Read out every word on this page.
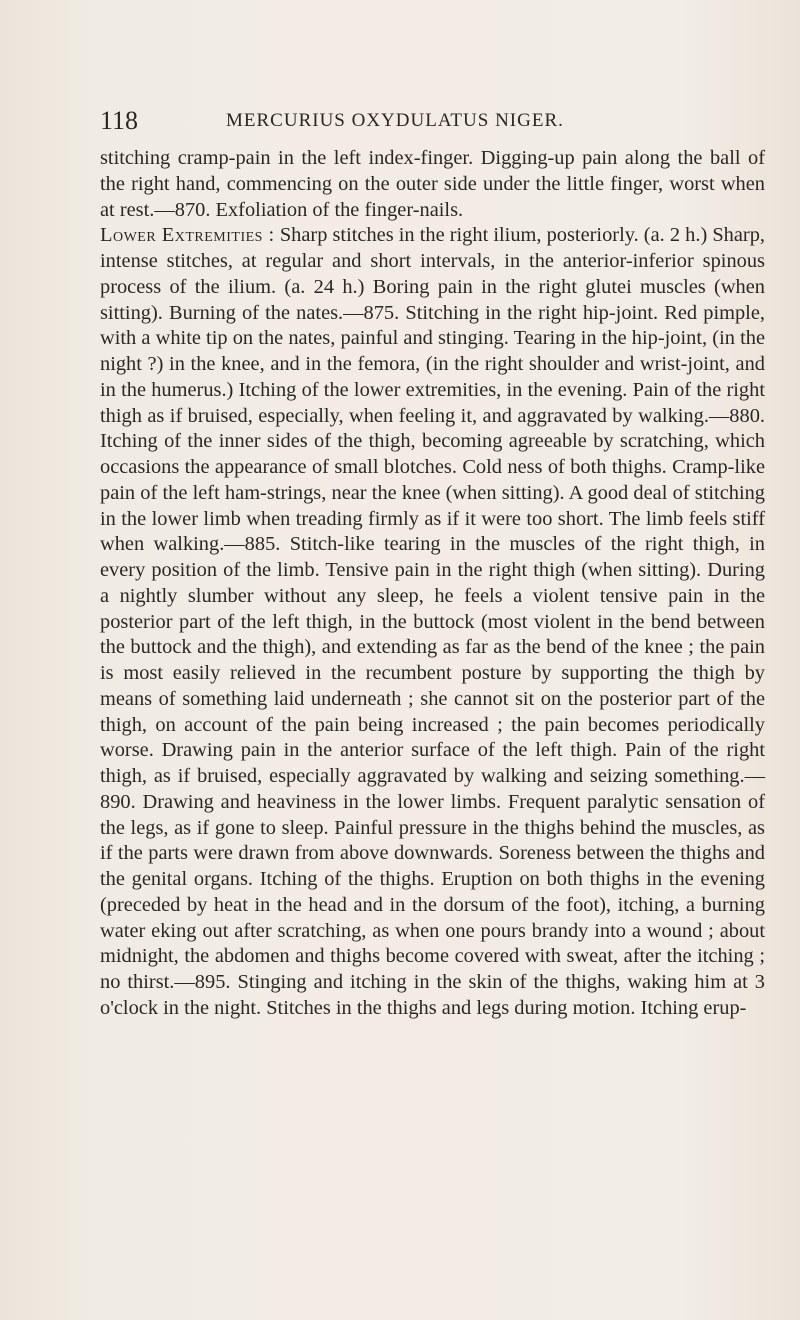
118	MERCURIUS OXYDULATUS NIGER.

stitching cramp-pain in the left index-finger. Digging-up pain along the ball of the right hand, commencing on the outer side under the little finger, worst when at rest.—870. Exfoliation of the finger-nails.

Lower Extremities : Sharp stitches in the right ilium, posteriorly. (a. 2 h.) Sharp, intense stitches, at regular and short intervals, in the anterior-inferior spinous process of the ilium. (a. 24 h.) Boring pain in the right glutei muscles (when sitting). Burning of the nates.—875. Stitching in the right hip-joint. Red pimple, with a white tip on the nates, painful and stinging. Tearing in the hip-joint, (in the night ?) in the knee, and in the femora, (in the right shoulder and wrist-joint, and in the humerus.) Itching of the lower extremities, in the evening. Pain of the right thigh as if bruised, especially, when feeling it, and aggravated by walking.—880. Itching of the inner sides of the thigh, becoming agreeable by scratching, which occasions the appearance of small blotches. Cold ness of both thighs. Cramp-like pain of the left ham-strings, near the knee (when sitting). A good deal of stitching in the lower limb when treading firmly as if it were too short. The limb feels stiff when walking.—885. Stitch-like tearing in the muscles of the right thigh, in every position of the limb. Tensive pain in the right thigh (when sitting). During a nightly slumber without any sleep, he feels a violent tensive pain in the posterior part of the left thigh, in the buttock (most violent in the bend between the buttock and the thigh), and extending as far as the bend of the knee ; the pain is most easily relieved in the recumbent posture by supporting the thigh by means of something laid underneath ; she cannot sit on the posterior part of the thigh, on account of the pain being increased ; the pain becomes periodically worse. Drawing pain in the anterior surface of the left thigh. Pain of the right thigh, as if bruised, especially aggravated by walking and seizing something.—890. Drawing and heaviness in the lower limbs. Frequent paralytic sensation of the legs, as if gone to sleep. Painful pressure in the thighs behind the muscles, as if the parts were drawn from above downwards. Soreness between the thighs and the genital organs. Itching of the thighs. Eruption on both thighs in the evening (preceded by heat in the head and in the dorsum of the foot), itching, a burning water eking out after scratching, as when one pours brandy into a wound ; about midnight, the abdomen and thighs become covered with sweat, after the itching ; no thirst.—895. Stinging and itching in the skin of the thighs, waking him at 3 o'clock in the night. Stitches in the thighs and legs during motion. Itching erup-
